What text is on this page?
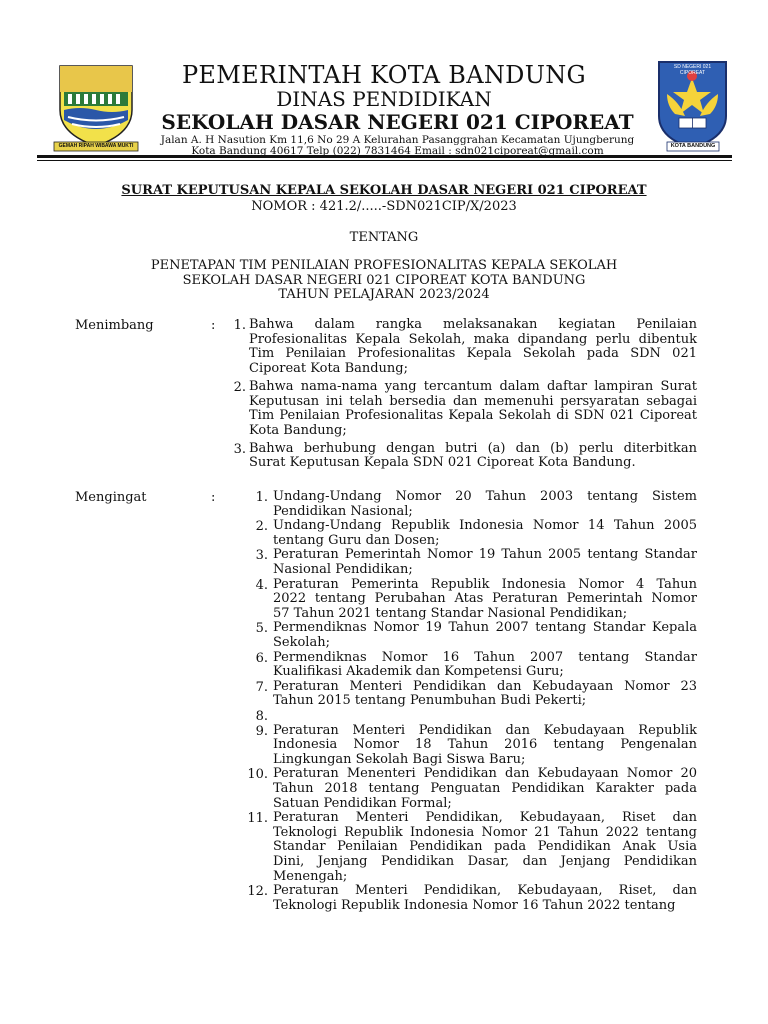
GEMAH RIPAH WIBAWA MUKTI
SD NEGERI 021 CIPOREAT
KOTA BANDUNG
PEMERINTAH KOTA BANDUNG
DINAS PENDIDIKAN
SEKOLAH DASAR NEGERI 021 CIPOREAT
Jalan A. H Nasution Km 11,6 No 29 A Kelurahan Pasanggrahan Kecamatan Ujungberung
Kota Bandung 40617 Telp (022) 7831464 Email : sdn021ciporeat@gmail.com
SURAT KEPUTUSAN KEPALA SEKOLAH DASAR NEGERI 021 CIPOREAT
NOMOR : 421.2/.....-SDN021CIP/X/2023
TENTANG
PENETAPAN TIM PENILAIAN PROFESIONALITAS KEPALA SEKOLAH
SEKOLAH DASAR NEGERI 021 CIPOREAT KOTA BANDUNG
TAHUN PELAJARAN 2023/2024
Menimbang	:	1. Bahwa dalam rangka melaksanakan kegiatan Penilaian
Profesionalitas Kepala Sekolah, maka dipandang perlu dibentuk
Tim Penilaian Profesionalitas Kepala Sekolah pada SDN 021
Ciporeat Kota Bandung;
2. Bahwa nama-nama yang tercantum dalam daftar lampiran Surat
Keputusan ini telah bersedia dan memenuhi persyaratan sebagai
Tim Penilaian Profesionalitas Kepala Sekolah di SDN 021 Ciporeat
Kota Bandung;
3. Bahwa berhubung dengan butri (a) dan (b) perlu diterbitkan
Surat Keputusan Kepala SDN 021 Ciporeat Kota Bandung.
Mengingat	:	1. Undang-Undang Nomor 20 Tahun 2003 tentang Sistem
Pendidikan Nasional;
2. Undang-Undang Republik Indonesia Nomor 14 Tahun 2005
tentang Guru dan Dosen;
3. Peraturan Pemerintah Nomor 19 Tahun 2005 tentang Standar
Nasional Pendidikan;
4. Peraturan Pemerinta Republik Indonesia Nomor 4 Tahun
2022 tentang Perubahan Atas Peraturan Pemerintah Nomor
57 Tahun 2021 tentang Standar Nasional Pendidikan;
5. Permendiknas Nomor 19 Tahun 2007 tentang Standar Kepala
Sekolah;
6. Permendiknas Nomor 16 Tahun 2007 tentang Standar
Kualifikasi Akademik dan Kompetensi Guru;
7. Peraturan Menteri Pendidikan dan Kebudayaan Nomor 23
Tahun 2015 tentang Penumbuhan Budi Pekerti;
8.
9. Peraturan Menteri Pendidikan dan Kebudayaan Republik
Indonesia Nomor 18 Tahun 2016 tentang Pengenalan
Lingkungan Sekolah Bagi Siswa Baru;
10. Peraturan Menenteri Pendidikan dan Kebudayaan Nomor 20
Tahun 2018 tentang Penguatan Pendidikan Karakter pada
Satuan Pendidikan Formal;
11. Peraturan Menteri Pendidikan, Kebudayaan, Riset dan
Teknologi Republik Indonesia Nomor 21 Tahun 2022 tentang
Standar Penilaian Pendidikan pada Pendidikan Anak Usia
Dini, Jenjang Pendidikan Dasar, dan Jenjang Pendidikan
Menengah;
12. Peraturan Menteri Pendidikan, Kebudayaan, Riset, dan
Teknologi Republik Indonesia Nomor 16 Tahun 2022 tentang
